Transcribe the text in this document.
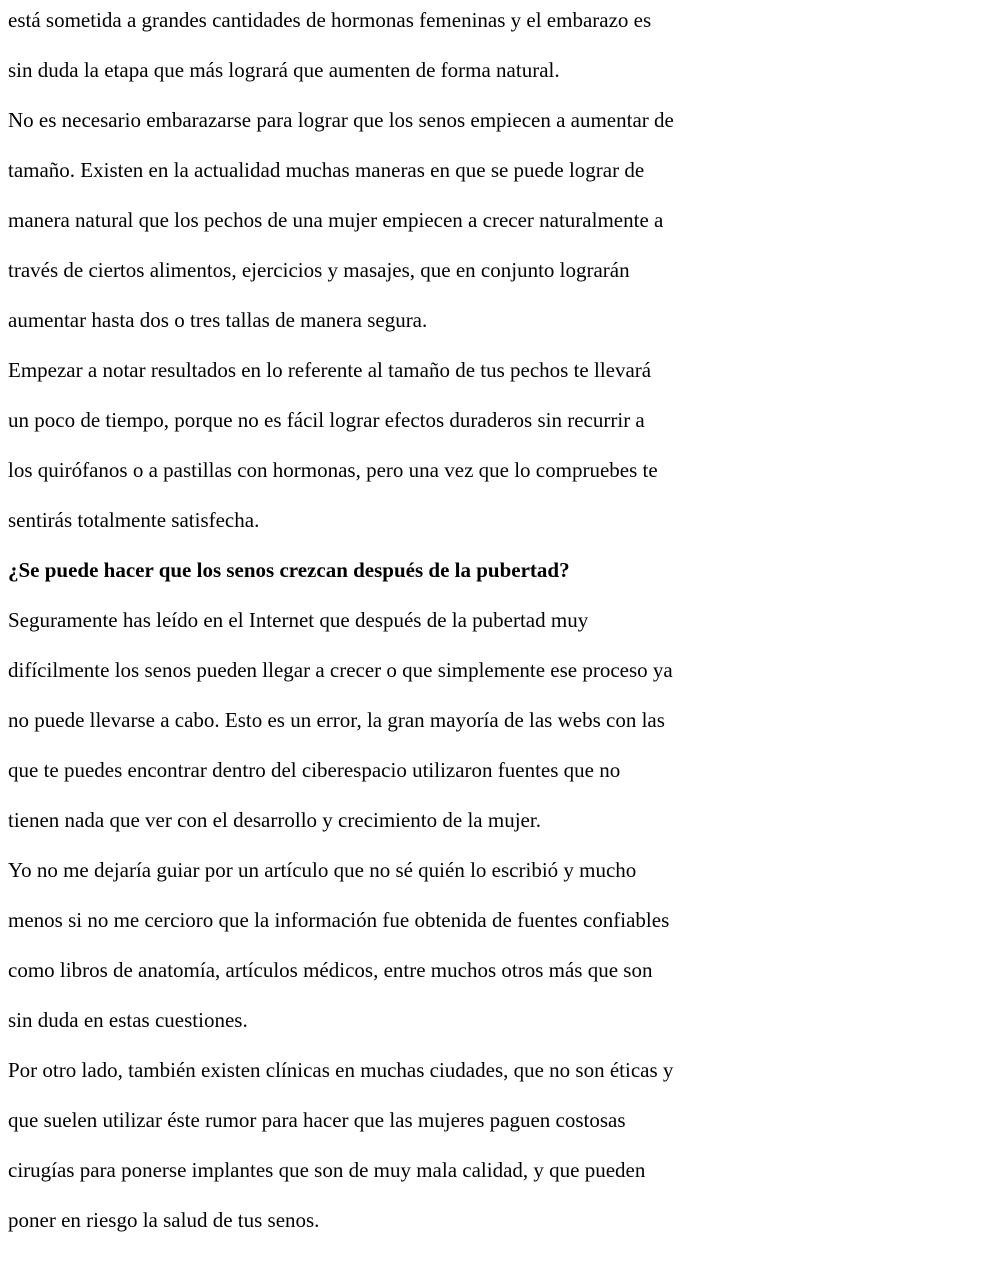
está sometida a grandes cantidades de hormonas femeninas y el embarazo es
sin duda la etapa que más logrará que aumenten de forma natural.
No es necesario embarazarse para lograr que los senos empiecen a aumentar de
tamaño. Existen en la actualidad muchas maneras en que se puede lograr de
manera natural que los pechos de una mujer empiecen a crecer naturalmente a
través de ciertos alimentos, ejercicios y masajes, que en conjunto lograrán
aumentar hasta dos o tres tallas de manera segura.
Empezar a notar resultados en lo referente al tamaño de tus pechos te llevará
un poco de tiempo, porque no es fácil lograr efectos duraderos sin recurrir a
los quirófanos o a pastillas con hormonas, pero una vez que lo compruebes te
sentirás totalmente satisfecha.
¿Se puede hacer que los senos crezcan después de la pubertad?
Seguramente has leído en el Internet que después de la pubertad muy
difícilmente los senos pueden llegar a crecer o que simplemente ese proceso ya
no puede llevarse a cabo. Esto es un error, la gran mayoría de las webs con las
que te puedes encontrar dentro del ciberespacio utilizaron fuentes que no
tienen nada que ver con el desarrollo y crecimiento de la mujer.
Yo no me dejaría guiar por un artículo que no sé quién lo escribió y mucho
menos si no me cercioro que la información fue obtenida de fuentes confiables
como libros de anatomía, artículos médicos, entre muchos otros más que son
sin duda en estas cuestiones.
Por otro lado, también existen clínicas en muchas ciudades, que no son éticas y
que suelen utilizar éste rumor para hacer que las mujeres paguen costosas
cirugías para ponerse implantes que son de muy mala calidad, y que pueden
poner en riesgo la salud de tus senos.
